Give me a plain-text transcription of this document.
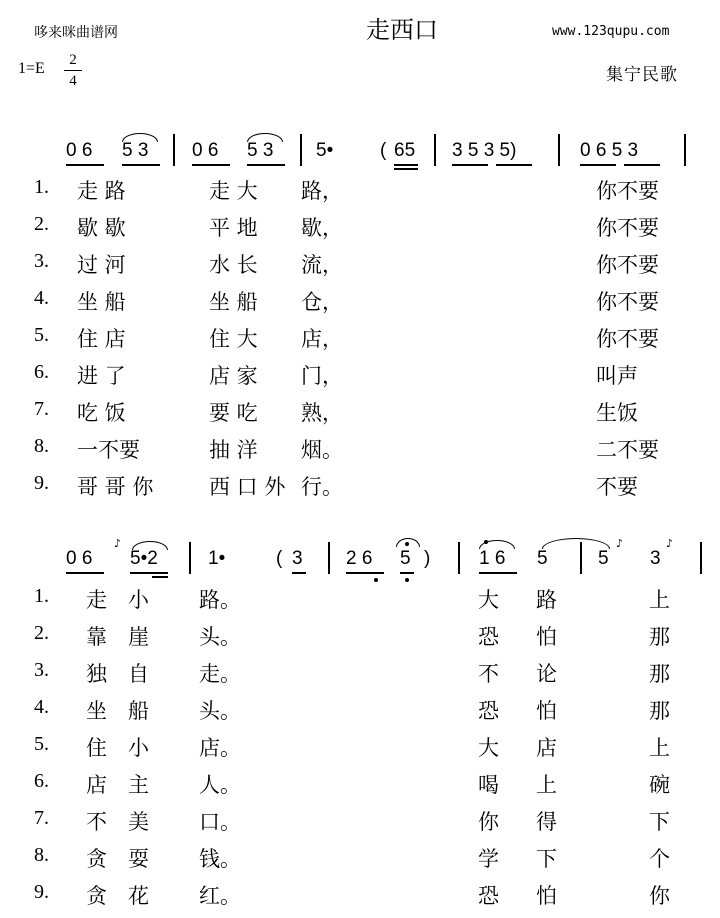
哆来咪曲谱网	走西口	www.123qupu.com
1=E	2
4	集宁民歌
0 6 5 3 0 6 5 3 5• ( 65 3 5 3 5)	0 6 5 3
1. 走 路	走 大 路，	你不要
2. 歇 歇	平 地 歇，	你不要
3. 过 河	水 长 流，	你不要
4. 坐 船	坐 船 仓，	你不要
5. 住 店	住 大 店，	你不要
6. 进 了	店 家 门，	叫声
7. 吃 饭	要 吃 熟，	生饭
8. 一不要	抽 洋 烟。	二不要
9. 哥 哥 你	西 口 外 行。	不要
0 6
♪
5•2	1•	( 3 2 6 5 )	1 6 5	5
♪
3
♪
1. 走 小 路。	大 路	上
2. 靠 崖 头。	恐 怕	那
3. 独 自 走。	不 论	那
4. 坐 船 头。	恐 怕	那
5. 住 小 店。	大 店	上
6. 店 主 人。	喝 上	碗
7. 不 美 口。	你 得	下
8. 贪 耍 钱。	学 下	个
9. 贪 花 红。	恐 怕	你
